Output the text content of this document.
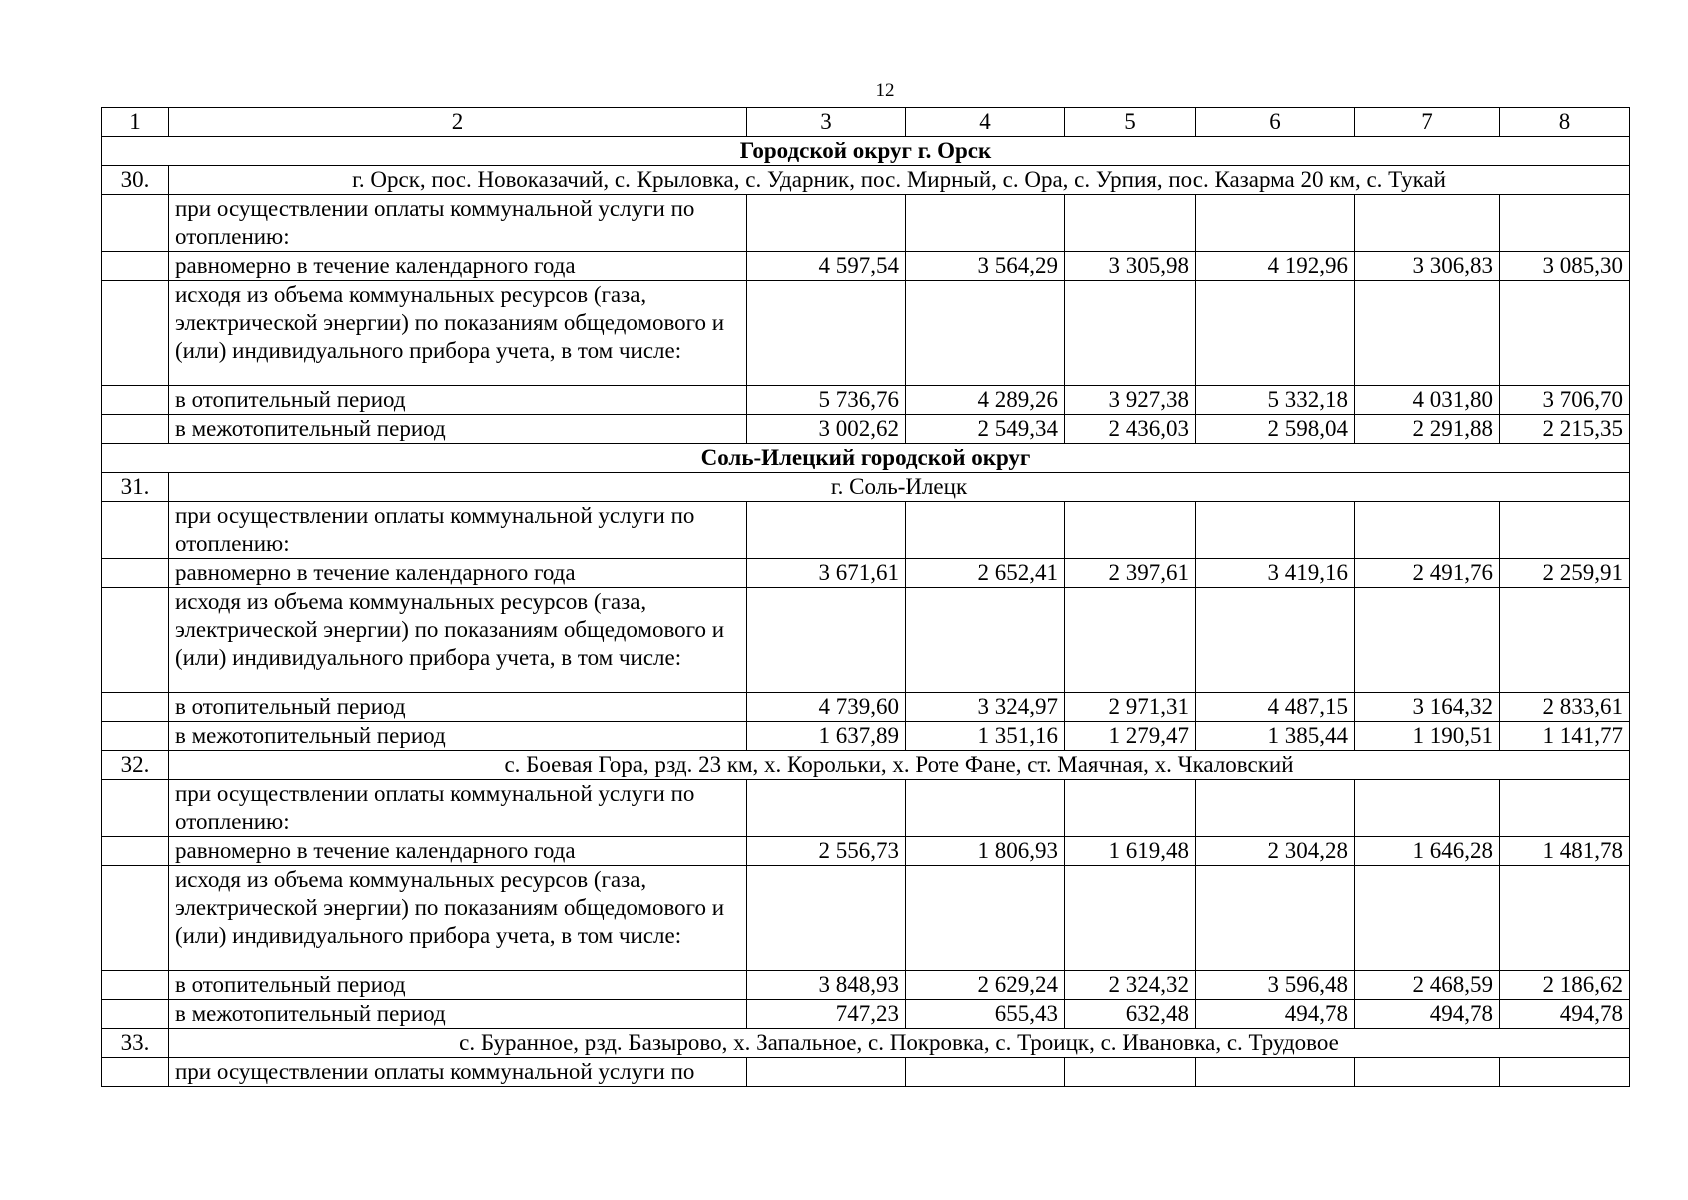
12
1	2	3	4	5	6	7	8
Городской округ г. Орск							
30.	г. Орск, пос. Новоказачий, с. Крыловка, с. Ударник, пос. Мирный, с. Ора, с. Урпия, пос. Казарма 20 км, с. Тукай						
	при осуществлении оплаты коммунальной услуги по отоплению:						
	равномерно в течение календарного года	4 597,54	3 564,29	3 305,98	4 192,96	3 306,83	3 085,30
	исходя из объема коммунальных ресурсов (газа, электрической энергии) по показаниям общедомового и (или) индивидуального прибора учета, в том числе:						
	в отопительный период	5 736,76	4 289,26	3 927,38	5 332,18	4 031,80	3 706,70
	в межотопительный период	3 002,62	2 549,34	2 436,03	2 598,04	2 291,88	2 215,35
Соль-Илецкий городской округ							
31.	г. Соль-Илецк						
	при осуществлении оплаты коммунальной услуги по отоплению:						
	равномерно в течение календарного года	3 671,61	2 652,41	2 397,61	3 419,16	2 491,76	2 259,91
	исходя из объема коммунальных ресурсов (газа, электрической энергии) по показаниям общедомового и (или) индивидуального прибора учета, в том числе:						
	в отопительный период	4 739,60	3 324,97	2 971,31	4 487,15	3 164,32	2 833,61
	в межотопительный период	1 637,89	1 351,16	1 279,47	1 385,44	1 190,51	1 141,77
32.	с. Боевая Гора, рзд. 23 км, х. Корольки, х. Роте Фане, ст. Маячная, х. Чкаловский						
	при осуществлении оплаты коммунальной услуги по отоплению:						
	равномерно в течение календарного года	2 556,73	1 806,93	1 619,48	2 304,28	1 646,28	1 481,78
	исходя из объема коммунальных ресурсов (газа, электрической энергии) по показаниям общедомового и (или) индивидуального прибора учета, в том числе:						
	в отопительный период	3 848,93	2 629,24	2 324,32	3 596,48	2 468,59	2 186,62
	в межотопительный период	747,23	655,43	632,48	494,78	494,78	494,78
33.	с. Буранное, рзд. Базырово, х. Запальное, с. Покровка, с. Троицк, с. Ивановка, с. Трудовое						
	при осуществлении оплаты коммунальной услуги по						
